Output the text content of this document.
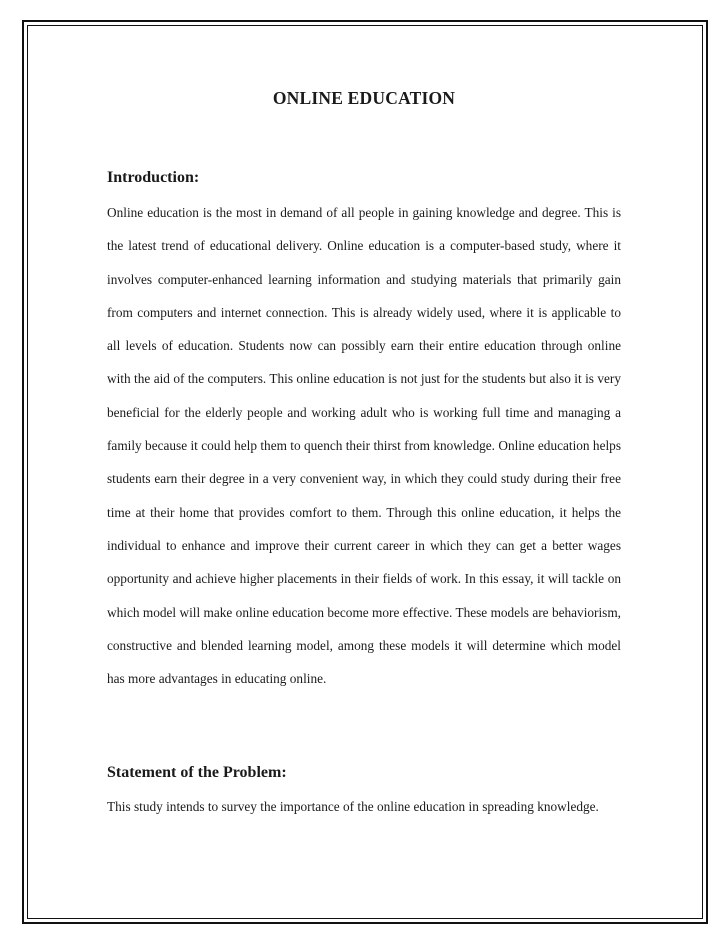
ONLINE EDUCATION
Introduction:

Online education is the most in demand of all people in gaining knowledge and degree. This is the latest trend of educational delivery. Online education is a computer-based study, where it involves computer-enhanced learning information and studying materials that primarily gain from computers and internet connection. This is already widely used, where it is applicable to all levels of education. Students now can possibly earn their entire education through online with the aid of the computers. This online education is not just for the students but also it is very beneficial for the elderly people and working adult who is working full time and managing a family because it could help them to quench their thirst from knowledge. Online education helps students earn their degree in a very convenient way, in which they could study during their free time at their home that provides comfort to them. Through this online education, it helps the individual to enhance and improve their current career in which they can get a better wages opportunity and achieve higher placements in their fields of work. In this essay, it will tackle on which model will make online education become more effective. These models are behaviorism, constructive and blended learning model, among these models it will determine which model has more advantages in educating online.

Statement of the Problem:

This study intends to survey the importance of the online education in spreading knowledge.
